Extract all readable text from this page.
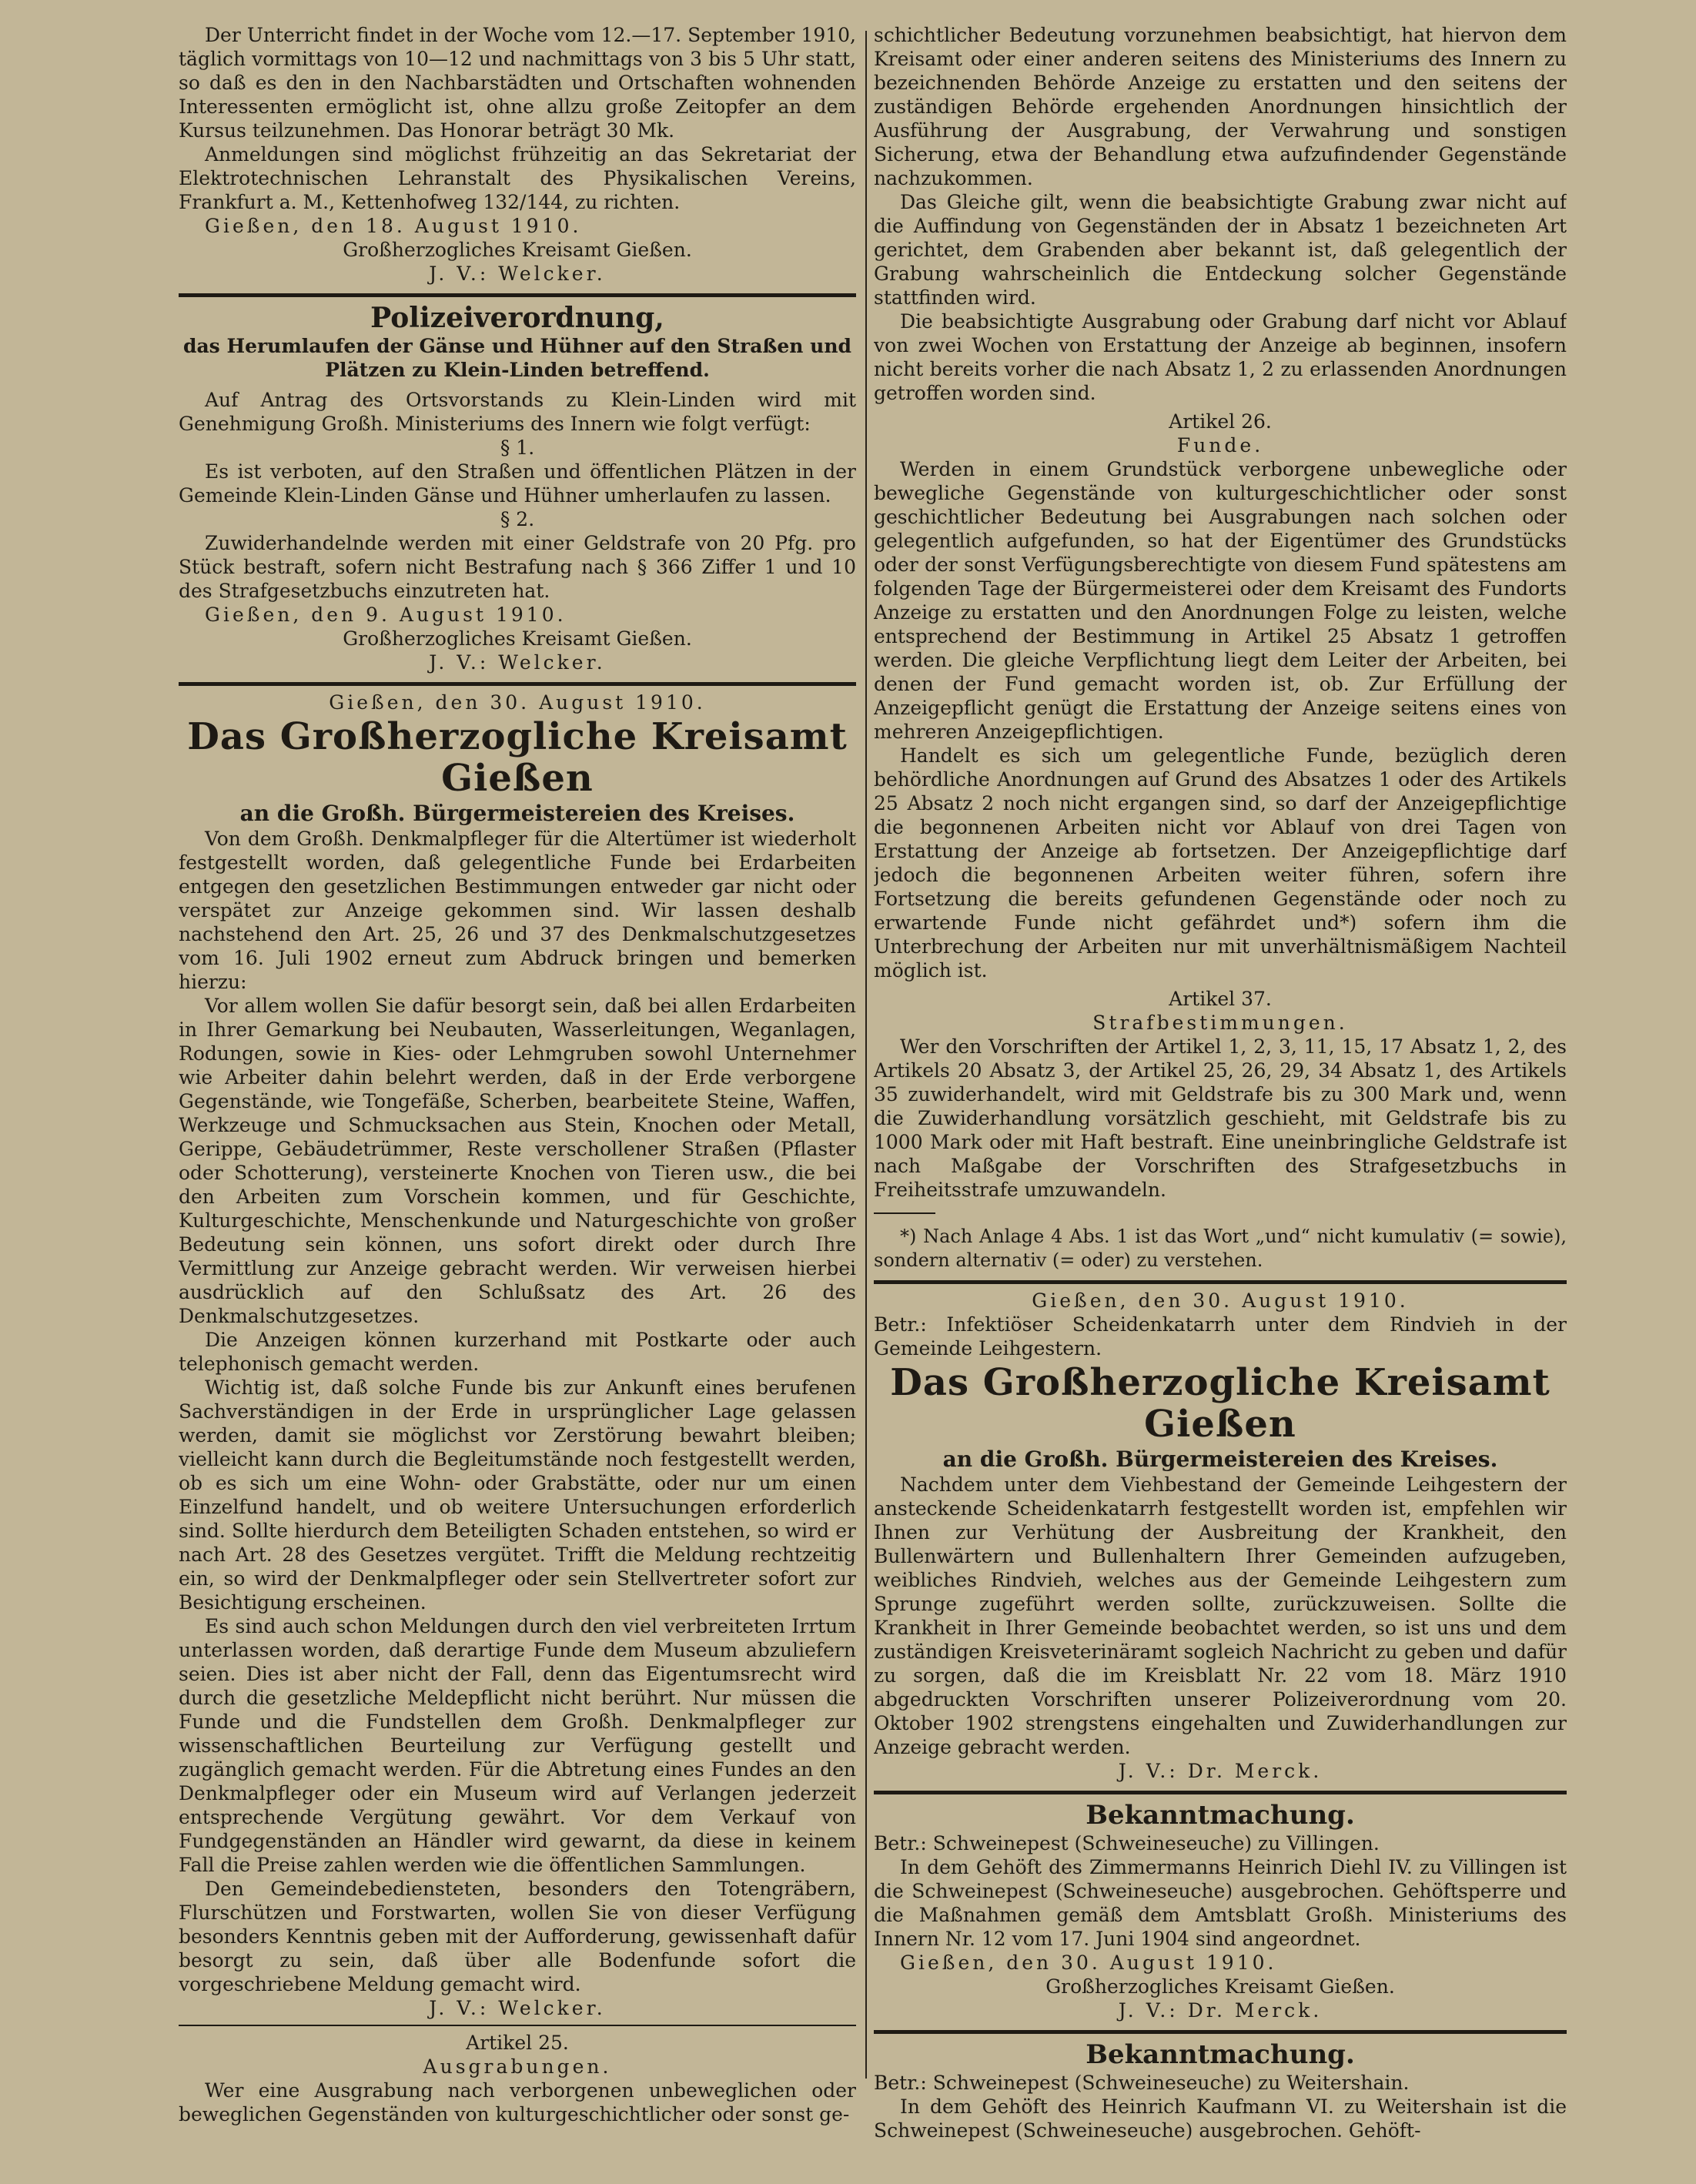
Der Unterricht findet in der Woche vom 12.—17. September 1910, täglich vormittags von 10—12 und nachmittags von 3 bis 5 Uhr statt, so daß es den in den Nachbarstädten und Ortschaften wohnenden Interessenten ermöglicht ist, ohne allzu große Zeitopfer an dem Kursus teilzunehmen. Das Honorar beträgt 30 Mk.

Anmeldungen sind möglichst frühzeitig an das Sekretariat der Elektrotechnischen Lehranstalt des Physikalischen Vereins, Frankfurt a. M., Kettenhofweg 132/144, zu richten.

Gießen, den 18. August 1910.

Großherzogliches Kreisamt Gießen.

J. V.: Welcker.

Polizeiverordnung,

das Herumlaufen der Gänse und Hühner auf den Straßen und Plätzen zu Klein-Linden betreffend.

Auf Antrag des Ortsvorstands zu Klein-Linden wird mit Genehmigung Großh. Ministeriums des Innern wie folgt verfügt:

§ 1.

Es ist verboten, auf den Straßen und öffentlichen Plätzen in der Gemeinde Klein-Linden Gänse und Hühner umherlaufen zu lassen.

§ 2.

Zuwiderhandelnde werden mit einer Geldstrafe von 20 Pfg. pro Stück bestraft, sofern nicht Bestrafung nach § 366 Ziffer 1 und 10 des Strafgesetzbuchs einzutreten hat.

Gießen, den 9. August 1910.

Großherzogliches Kreisamt Gießen.

J. V.: Welcker.

Gießen, den 30. August 1910.

Das Großherzogliche Kreisamt Gießen

an die Großh. Bürgermeistereien des Kreises.

Von dem Großh. Denkmalpfleger für die Altertümer ist wiederholt festgestellt worden, daß gelegentliche Funde bei Erdarbeiten entgegen den gesetzlichen Bestimmungen entweder gar nicht oder verspätet zur Anzeige gekommen sind. Wir lassen deshalb nachstehend den Art. 25, 26 und 37 des Denkmalschutzgesetzes vom 16. Juli 1902 erneut zum Abdruck bringen und bemerken hierzu:

Vor allem wollen Sie dafür besorgt sein, daß bei allen Erdarbeiten in Ihrer Gemarkung bei Neubauten, Wasserleitungen, Weganlagen, Rodungen, sowie in Kies- oder Lehmgruben sowohl Unternehmer wie Arbeiter dahin belehrt werden, daß in der Erde verborgene Gegenstände, wie Tongefäße, Scherben, bearbeitete Steine, Waffen, Werkzeuge und Schmucksachen aus Stein, Knochen oder Metall, Gerippe, Gebäudetrümmer, Reste verschollener Straßen (Pflaster oder Schotterung), versteinerte Knochen von Tieren usw., die bei den Arbeiten zum Vorschein kommen, und für Geschichte, Kulturgeschichte, Menschenkunde und Naturgeschichte von großer Bedeutung sein können, uns sofort direkt oder durch Ihre Vermittlung zur Anzeige gebracht werden. Wir verweisen hierbei ausdrücklich auf den Schlußsatz des Art. 26 des Denkmalschutzgesetzes.

Die Anzeigen können kurzerhand mit Postkarte oder auch telephonisch gemacht werden.

Wichtig ist, daß solche Funde bis zur Ankunft eines berufenen Sachverständigen in der Erde in ursprünglicher Lage gelassen werden, damit sie möglichst vor Zerstörung bewahrt bleiben; vielleicht kann durch die Begleitumstände noch festgestellt werden, ob es sich um eine Wohn- oder Grabstätte, oder nur um einen Einzelfund handelt, und ob weitere Untersuchungen erforderlich sind. Sollte hierdurch dem Beteiligten Schaden entstehen, so wird er nach Art. 28 des Gesetzes vergütet. Trifft die Meldung rechtzeitig ein, so wird der Denkmalpfleger oder sein Stellvertreter sofort zur Besichtigung erscheinen.

Es sind auch schon Meldungen durch den viel verbreiteten Irrtum unterlassen worden, daß derartige Funde dem Museum abzuliefern seien. Dies ist aber nicht der Fall, denn das Eigentumsrecht wird durch die gesetzliche Meldepflicht nicht berührt. Nur müssen die Funde und die Fundstellen dem Großh. Denkmalpfleger zur wissenschaftlichen Beurteilung zur Verfügung gestellt und zugänglich gemacht werden. Für die Abtretung eines Fundes an den Denkmalpfleger oder ein Museum wird auf Verlangen jederzeit entsprechende Vergütung gewährt. Vor dem Verkauf von Fundgegenständen an Händler wird gewarnt, da diese in keinem Fall die Preise zahlen werden wie die öffentlichen Sammlungen.

Den Gemeindebediensteten, besonders den Totengräbern, Flurschützen und Forstwarten, wollen Sie von dieser Verfügung besonders Kenntnis geben mit der Aufforderung, gewissenhaft dafür besorgt zu sein, daß über alle Bodenfunde sofort die vorgeschriebene Meldung gemacht wird.

J. V.: Welcker.

Artikel 25.

Ausgrabungen.

Wer eine Ausgrabung nach verborgenen unbeweglichen oder beweglichen Gegenständen von kulturgeschichtlicher oder sonst ge-

schichtlicher Bedeutung vorzunehmen beabsichtigt, hat hiervon dem Kreisamt oder einer anderen seitens des Ministeriums des Innern zu bezeichnenden Behörde Anzeige zu erstatten und den seitens der zuständigen Behörde ergehenden Anordnungen hinsichtlich der Ausführung der Ausgrabung, der Verwahrung und sonstigen Sicherung, etwa der Behandlung etwa aufzufindender Gegenstände nachzukommen.

Das Gleiche gilt, wenn die beabsichtigte Grabung zwar nicht auf die Auffindung von Gegenständen der in Absatz 1 bezeichneten Art gerichtet, dem Grabenden aber bekannt ist, daß gelegentlich der Grabung wahrscheinlich die Entdeckung solcher Gegenstände stattfinden wird.

Die beabsichtigte Ausgrabung oder Grabung darf nicht vor Ablauf von zwei Wochen von Erstattung der Anzeige ab beginnen, insofern nicht bereits vorher die nach Absatz 1, 2 zu erlassenden Anordnungen getroffen worden sind.

Artikel 26.

Funde.

Werden in einem Grundstück verborgene unbewegliche oder bewegliche Gegenstände von kulturgeschichtlicher oder sonst geschichtlicher Bedeutung bei Ausgrabungen nach solchen oder gelegentlich aufgefunden, so hat der Eigentümer des Grundstücks oder der sonst Verfügungsberechtigte von diesem Fund spätestens am folgenden Tage der Bürgermeisterei oder dem Kreisamt des Fundorts Anzeige zu erstatten und den Anordnungen Folge zu leisten, welche entsprechend der Bestimmung in Artikel 25 Absatz 1 getroffen werden. Die gleiche Verpflichtung liegt dem Leiter der Arbeiten, bei denen der Fund gemacht worden ist, ob. Zur Erfüllung der Anzeigepflicht genügt die Erstattung der Anzeige seitens eines von mehreren Anzeigepflichtigen.

Handelt es sich um gelegentliche Funde, bezüglich deren behördliche Anordnungen auf Grund des Absatzes 1 oder des Artikels 25 Absatz 2 noch nicht ergangen sind, so darf der Anzeigepflichtige die begonnenen Arbeiten nicht vor Ablauf von drei Tagen von Erstattung der Anzeige ab fortsetzen. Der Anzeigepflichtige darf jedoch die begonnenen Arbeiten weiter führen, sofern ihre Fortsetzung die bereits gefundenen Gegenstände oder noch zu erwartende Funde nicht gefährdet und*) sofern ihm die Unterbrechung der Arbeiten nur mit unverhältnismäßigem Nachteil möglich ist.

Artikel 37.

Strafbestimmungen.

Wer den Vorschriften der Artikel 1, 2, 3, 11, 15, 17 Absatz 1, 2, des Artikels 20 Absatz 3, der Artikel 25, 26, 29, 34 Absatz 1, des Artikels 35 zuwiderhandelt, wird mit Geldstrafe bis zu 300 Mark und, wenn die Zuwiderhandlung vorsätzlich geschieht, mit Geldstrafe bis zu 1000 Mark oder mit Haft bestraft. Eine uneinbringliche Geldstrafe ist nach Maßgabe der Vorschriften des Strafgesetzbuchs in Freiheitsstrafe umzuwandeln.

*) Nach Anlage 4 Abs. 1 ist das Wort „und“ nicht kumulativ (= sowie), sondern alternativ (= oder) zu verstehen.

Gießen, den 30. August 1910.

Betr.: Infektiöser Scheidenkatarrh unter dem Rindvieh in der Gemeinde Leihgestern.

Das Großherzogliche Kreisamt Gießen

an die Großh. Bürgermeistereien des Kreises.

Nachdem unter dem Viehbestand der Gemeinde Leihgestern der ansteckende Scheidenkatarrh festgestellt worden ist, empfehlen wir Ihnen zur Verhütung der Ausbreitung der Krankheit, den Bullenwärtern und Bullenhaltern Ihrer Gemeinden aufzugeben, weibliches Rindvieh, welches aus der Gemeinde Leihgestern zum Sprunge zugeführt werden sollte, zurückzuweisen. Sollte die Krankheit in Ihrer Gemeinde beobachtet werden, so ist uns und dem zuständigen Kreisveterinäramt sogleich Nachricht zu geben und dafür zu sorgen, daß die im Kreisblatt Nr. 22 vom 18. März 1910 abgedruckten Vorschriften unserer Polizeiverordnung vom 20. Oktober 1902 strengstens eingehalten und Zuwiderhandlungen zur Anzeige gebracht werden.

J. V.: Dr. Merck.

Bekanntmachung.

Betr.: Schweinepest (Schweineseuche) zu Villingen.

In dem Gehöft des Zimmermanns Heinrich Diehl IV. zu Villingen ist die Schweinepest (Schweineseuche) ausgebrochen. Gehöftsperre und die Maßnahmen gemäß dem Amtsblatt Großh. Ministeriums des Innern Nr. 12 vom 17. Juni 1904 sind angeordnet.

Gießen, den 30. August 1910.

Großherzogliches Kreisamt Gießen.

J. V.: Dr. Merck.

Bekanntmachung.

Betr.: Schweinepest (Schweineseuche) zu Weitershain.

In dem Gehöft des Heinrich Kaufmann VI. zu Weitershain ist die Schweinepest (Schweineseuche) ausgebrochen. Gehöft-
